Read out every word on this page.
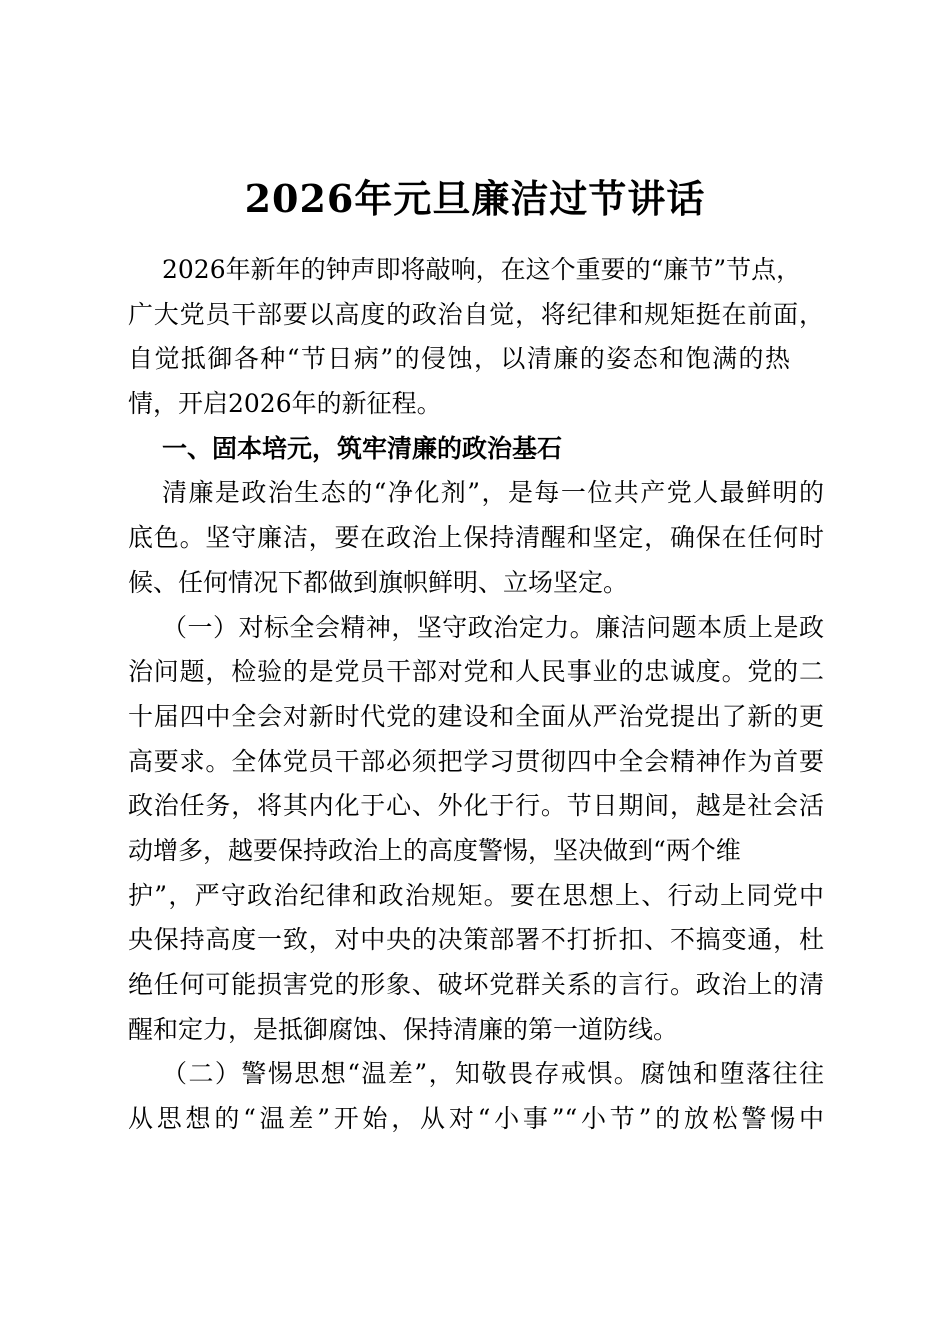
2026年元旦廉洁过节讲话
2026年新年的钟声即将敲响，在这个重要的“廉节”节点，
广大党员干部要以高度的政治自觉，将纪律和规矩挺在前面，
自觉抵御各种“节日病”的侵蚀，以清廉的姿态和饱满的热
情，开启2026年的新征程。
一、固本培元，筑牢清廉的政治基石
清廉是政治生态的“净化剂”，是每一位共产党人最鲜明的
底色。坚守廉洁，要在政治上保持清醒和坚定，确保在任何时
候、任何情况下都做到旗帜鲜明、立场坚定。
（一）对标全会精神，坚守政治定力。廉洁问题本质上是政
治问题，检验的是党员干部对党和人民事业的忠诚度。党的二
十届四中全会对新时代党的建设和全面从严治党提出了新的更
高要求。全体党员干部必须把学习贯彻四中全会精神作为首要
政治任务，将其内化于心、外化于行。节日期间，越是社会活
动增多，越要保持政治上的高度警惕，坚决做到“两个维
护”，严守政治纪律和政治规矩。要在思想上、行动上同党中
央保持高度一致，对中央的决策部署不打折扣、不搞变通，杜
绝任何可能损害党的形象、破坏党群关系的言行。政治上的清
醒和定力，是抵御腐蚀、保持清廉的第一道防线。
（二）警惕思想“温差”，知敬畏存戒惧。腐蚀和堕落往往
从思想的“温差”开始，从对“小事”“小节”的放松警惕中
